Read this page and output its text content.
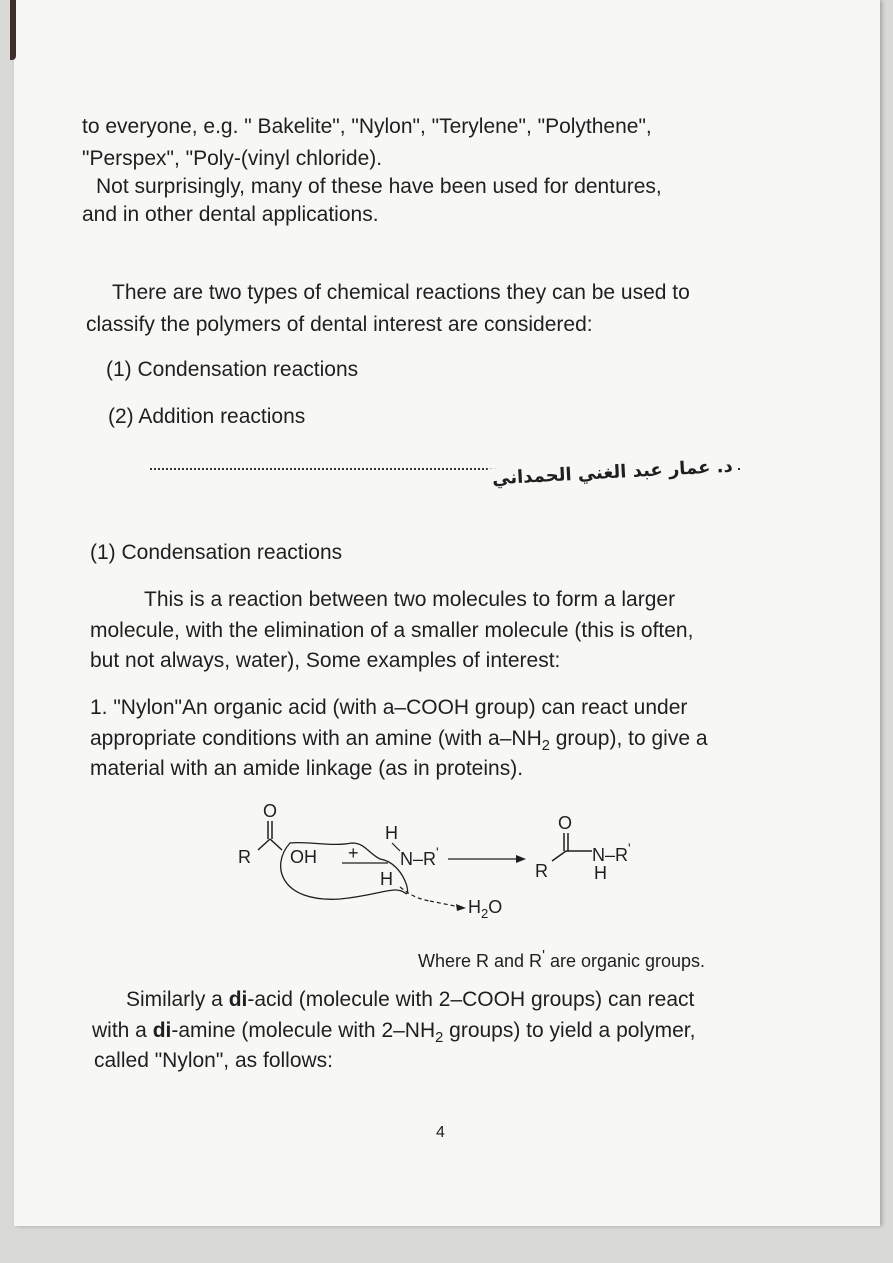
to everyone, e.g. " Bakelite", "Nylon", "Terylene", "Polythene",
"Perspex", "Poly-(vinyl chloride).
Not surprisingly, many of these have been used for dentures,
and in other dental applications.
There are two types of chemical reactions they can be used to
classify the polymers of dental interest are considered:
(1) Condensation reactions
(2) Addition reactions
د. عمار عبد الغني الحمداني
(1) Condensation reactions
This is a reaction between two molecules to form a larger
molecule, with the elimination of a smaller molecule (this is often,
but not always, water), Some examples of interest:
1. "Nylon"An organic acid (with a–COOH group) can react under
appropriate conditions with an amine (with $a-NH_2$ group), to give a
material with an amide linkage (as in proteins).
O
R OH +
H
N–R'
H
O
R
N–R'
H
$H_2O$
Where R and R' are organic groups.
Similarly a di-acid (molecule with 2–COOH groups) can react
with a di-amine (molecule with $2-NH_2$ groups) to yield a polymer,
called "Nylon", as follows:
4
